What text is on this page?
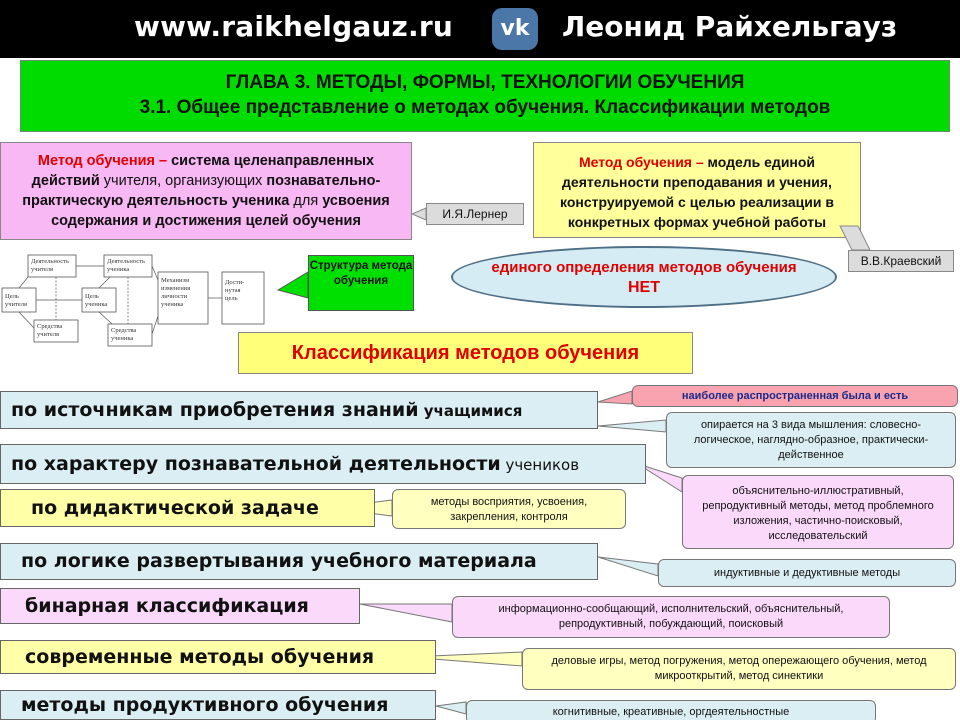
www.raikhelgauz.ru	vk	Леонид Райхельгауз
ГЛАВА 3. МЕТОДЫ, ФОРМЫ, ТЕХНОЛОГИИ ОБУЧЕНИЯ
3.1. Общее представление о методах обучения. Классификации методов
Метод обучения – система целенаправленных действий учителя, организующих познавательно-практическую деятельность ученика для усвоения содержания и достижения целей обучения	И.Я.Лернер
Метод обучения – модель единой деятельности преподавания и учения, конструируемой с целью реализации в конкретных формах учебной работы
В.В.Краевский
Деятельность учителя
Деятельность ученика
Цель учителя
Цель ученика
Средства учителя
Средства ученика
Механизм изменения личности ученика
Дости-нутая цель
Структура метода обучения
единого определения методов обучения
НЕТ
Классификация методов обучения
по источникам приобретения знаний учащимися
по характеру познавательной деятельности учеников
по дидактической задаче
по логике развертывания учебного материала
бинарная классификация
современные методы обучения
методы продуктивного обучения
наиболее распространенная была и есть
опирается на 3 вида мышления: словесно-логическое, наглядно-образное, практически-действенное
объяснительно-иллюстративный, репродуктивный методы, метод проблемного изложения, частично-поисковый, исследовательский
методы восприятия, усвоения, закрепления, контроля
индуктивные и дедуктивные методы
информационно-сообщающий, исполнительский, объяснительный, репродуктивный, побуждающий, поисковый
деловые игры, метод погружения, метод опережающего обучения, метод микрооткрытий, метод синектики
когнитивные, креативные, оргдеятельностные
